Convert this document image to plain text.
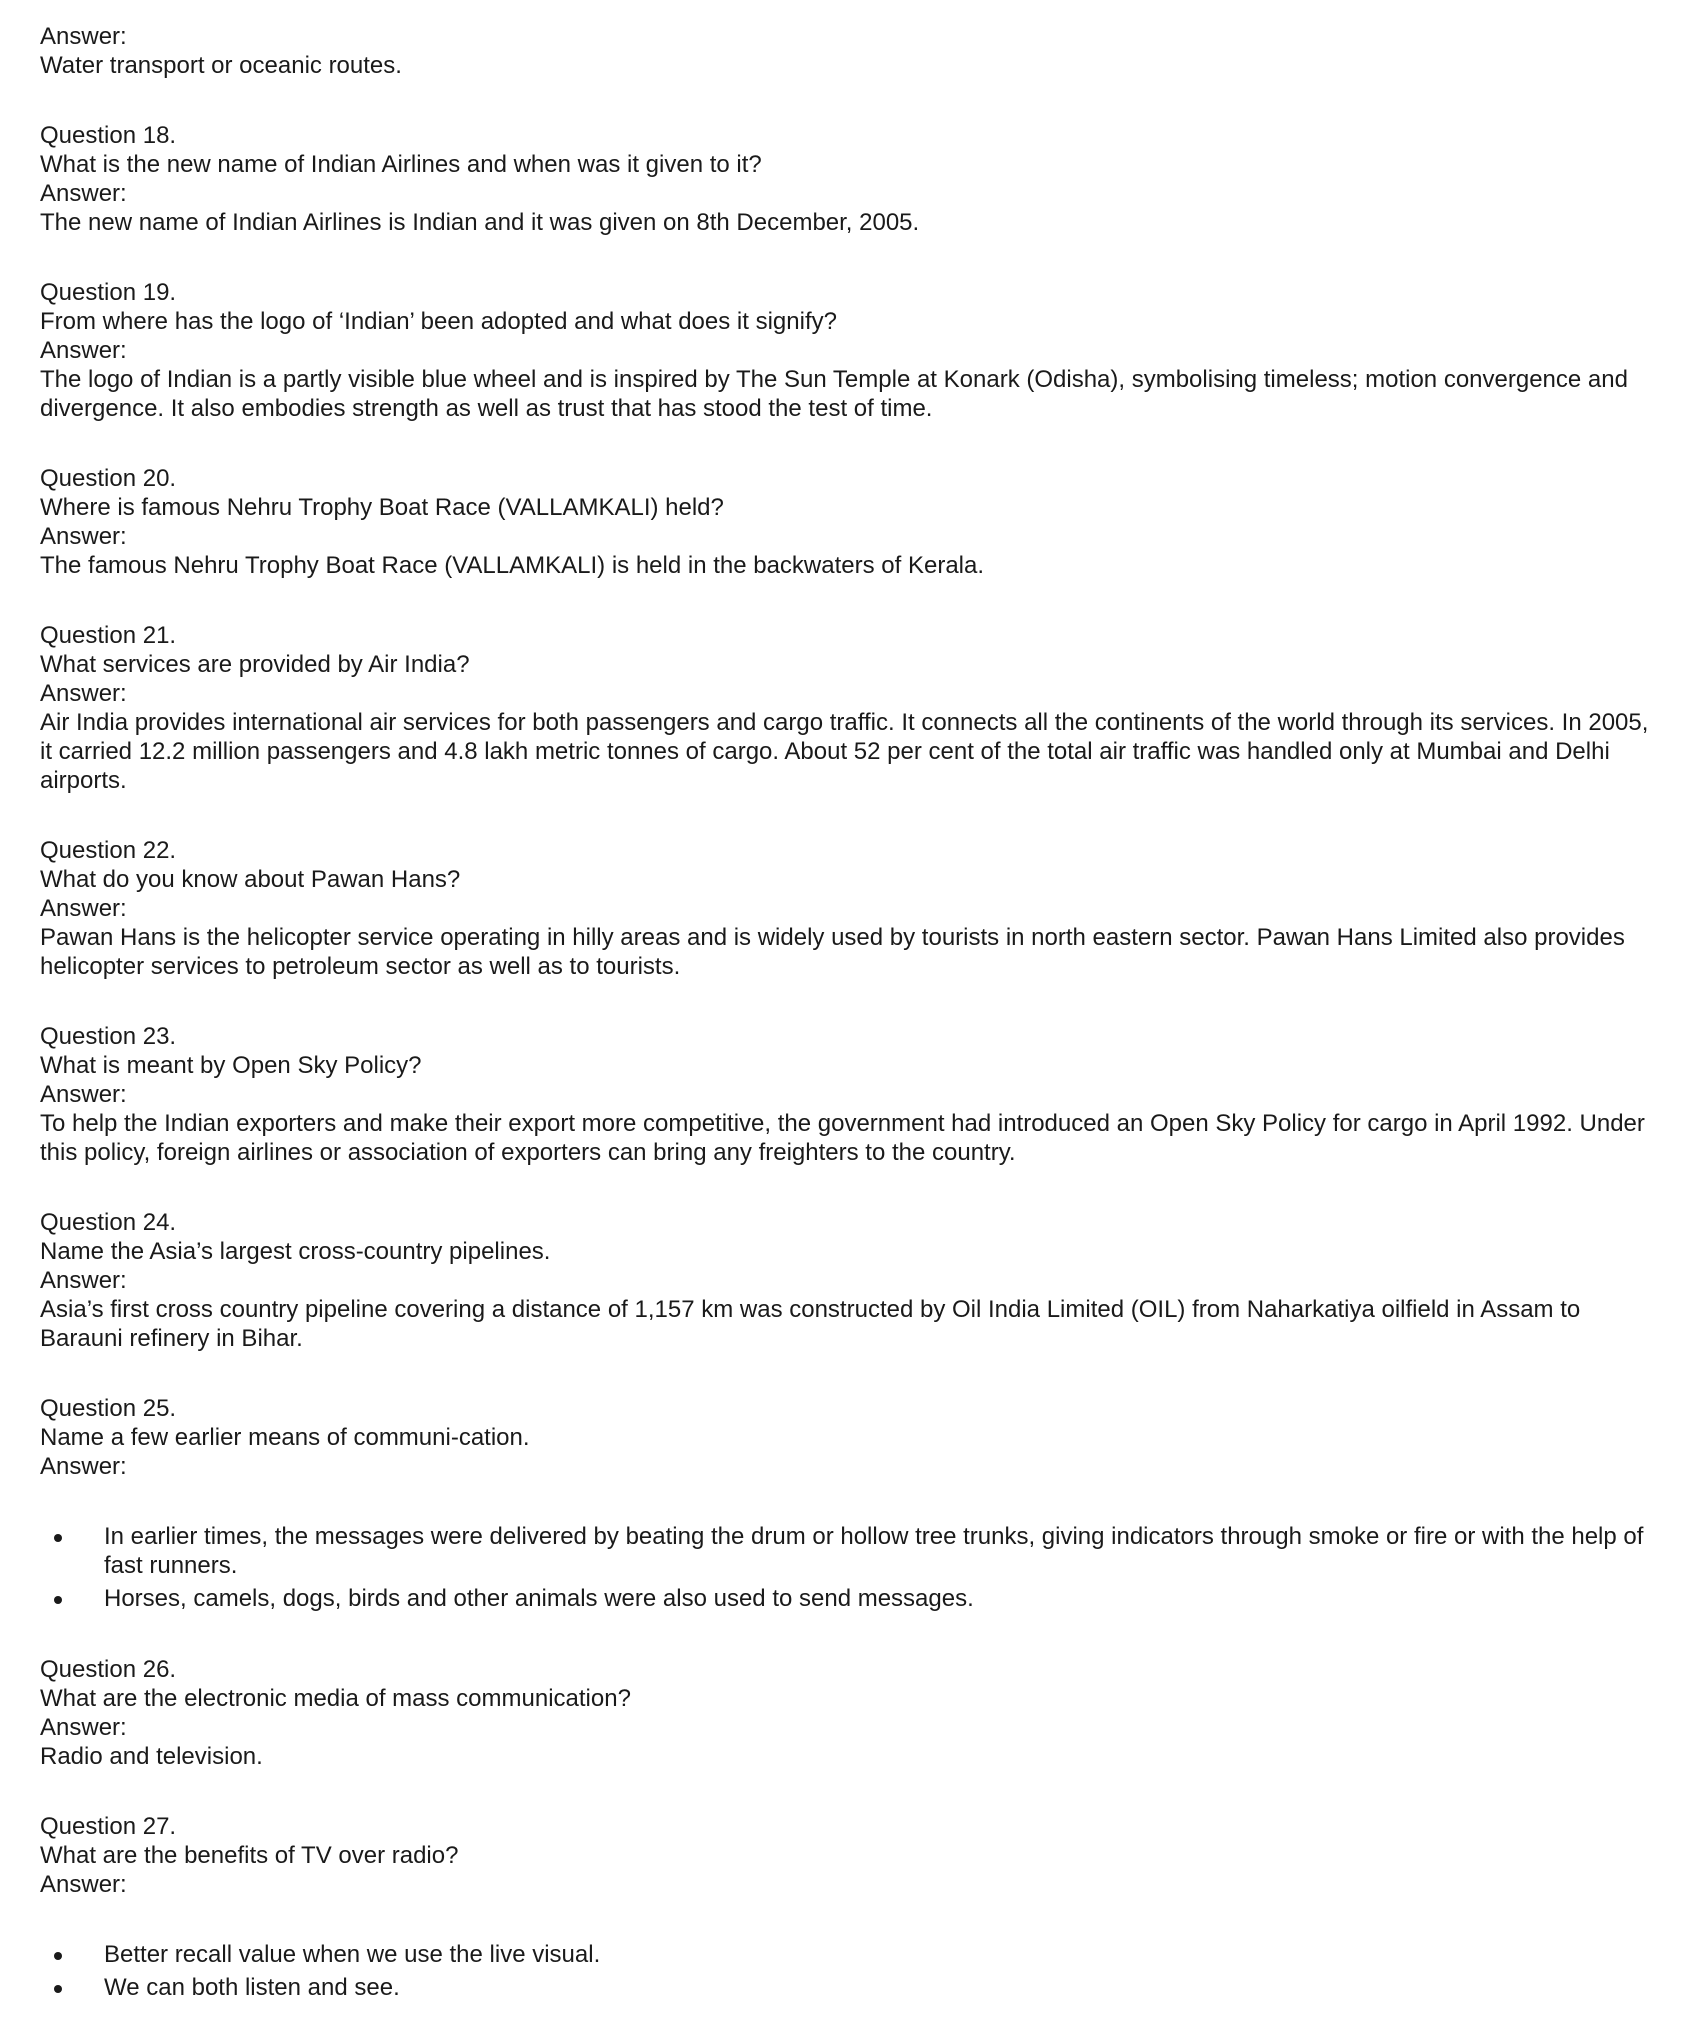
Answer:
Water transport or oceanic routes.
Question 18.
What is the new name of Indian Airlines and when was it given to it?
Answer:
The new name of Indian Airlines is Indian and it was given on 8th December, 2005.
Question 19.
From where has the logo of ‘Indian’ been adopted and what does it signify?
Answer:
The logo of Indian is a partly visible blue wheel and is inspired by The Sun Temple at Konark (Odisha), symbolising timeless; motion convergence and divergence. It also embodies strength as well as trust that has stood the test of time.
Question 20.
Where is famous Nehru Trophy Boat Race (VALLAMKALI) held?
Answer:
The famous Nehru Trophy Boat Race (VALLAMKALI) is held in the backwaters of Kerala.
Question 21.
What services are provided by Air India?
Answer:
Air India provides international air services for both passengers and cargo traffic. It connects all the continents of the world through its services. In 2005, it carried 12.2 million passengers and 4.8 lakh metric tonnes of cargo. About 52 per cent of the total air traffic was handled only at Mumbai and Delhi airports.
Question 22.
What do you know about Pawan Hans?
Answer:
Pawan Hans is the helicopter service operating in hilly areas and is widely used by tourists in north eastern sector. Pawan Hans Limited also provides helicopter services to petroleum sector as well as to tourists.
Question 23.
What is meant by Open Sky Policy?
Answer:
To help the Indian exporters and make their export more competitive, the government had introduced an Open Sky Policy for cargo in April 1992. Under this policy, foreign airlines or association of exporters can bring any freighters to the country.
Question 24.
Name the Asia’s largest cross-country pipelines.
Answer:
Asia’s first cross country pipeline covering a distance of 1,157 km was constructed by Oil India Limited (OIL) from Naharkatiya oilfield in Assam to Barauni refinery in Bihar.
Question 25.
Name a few earlier means of communi-cation.
Answer:
In earlier times, the messages were delivered by beating the drum or hollow tree trunks, giving indicators through smoke or fire or with the help of fast runners.
Horses, camels, dogs, birds and other animals were also used to send messages.
Question 26.
What are the electronic media of mass communication?
Answer:
Radio and television.
Question 27.
What are the benefits of TV over radio?
Answer:
Better recall value when we use the live visual.
We can both listen and see.
